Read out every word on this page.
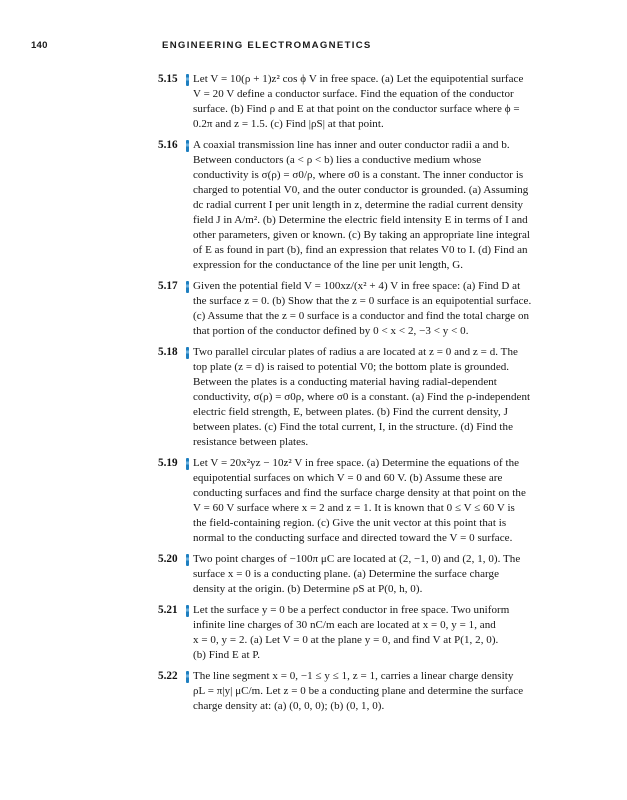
140	ENGINEERING ELECTROMAGNETICS
5.15	Let V = 10(ρ + 1)z² cos ϕ V in free space. (a) Let the equipotential surface
V = 20 V define a conductor surface. Find the equation of the conductor
surface. (b) Find ρ and E at that point on the conductor surface where ϕ =
0.2π and z = 1.5. (c) Find |ρS| at that point.
5.16	A coaxial transmission line has inner and outer conductor radii a and b.
Between conductors (a < ρ < b) lies a conductive medium whose
conductivity is σ(ρ) = σ0/ρ, where σ0 is a constant. The inner conductor is
charged to potential V0, and the outer conductor is grounded. (a) Assuming
dc radial current I per unit length in z, determine the radial current density
field J in A/m². (b) Determine the electric field intensity E in terms of I and
other parameters, given or known. (c) By taking an appropriate line integral
of E as found in part (b), find an expression that relates V0 to I. (d) Find an
expression for the conductance of the line per unit length, G.
5.17	Given the potential field V = 100xz/(x² + 4) V in free space: (a) Find D at
the surface z = 0. (b) Show that the z = 0 surface is an equipotential surface.
(c) Assume that the z = 0 surface is a conductor and find the total charge on
that portion of the conductor defined by 0 < x < 2, −3 < y < 0.
5.18	Two parallel circular plates of radius a are located at z = 0 and z = d. The
top plate (z = d) is raised to potential V0; the bottom plate is grounded.
Between the plates is a conducting material having radial-dependent
conductivity, σ(ρ) = σ0ρ, where σ0 is a constant. (a) Find the ρ-independent
electric field strength, E, between plates. (b) Find the current density, J
between plates. (c) Find the total current, I, in the structure. (d) Find the
resistance between plates.
5.19	Let V = 20x²yz − 10z² V in free space. (a) Determine the equations of the
equipotential surfaces on which V = 0 and 60 V. (b) Assume these are
conducting surfaces and find the surface charge density at that point on the
V = 60 V surface where x = 2 and z = 1. It is known that 0 ≤ V ≤ 60 V is
the field-containing region. (c) Give the unit vector at this point that is
normal to the conducting surface and directed toward the V = 0 surface.
5.20	Two point charges of −100π μC are located at (2, −1, 0) and (2, 1, 0). The
surface x = 0 is a conducting plane. (a) Determine the surface charge
density at the origin. (b) Determine ρS at P(0, h, 0).
5.21	Let the surface y = 0 be a perfect conductor in free space. Two uniform
infinite line charges of 30 nC/m each are located at x = 0, y = 1, and
x = 0, y = 2. (a) Let V = 0 at the plane y = 0, and find V at P(1, 2, 0).
(b) Find E at P.
5.22	The line segment x = 0, −1 ≤ y ≤ 1, z = 1, carries a linear charge density
ρL = π|y| μC/m. Let z = 0 be a conducting plane and determine the surface
charge density at: (a) (0, 0, 0); (b) (0, 1, 0).
